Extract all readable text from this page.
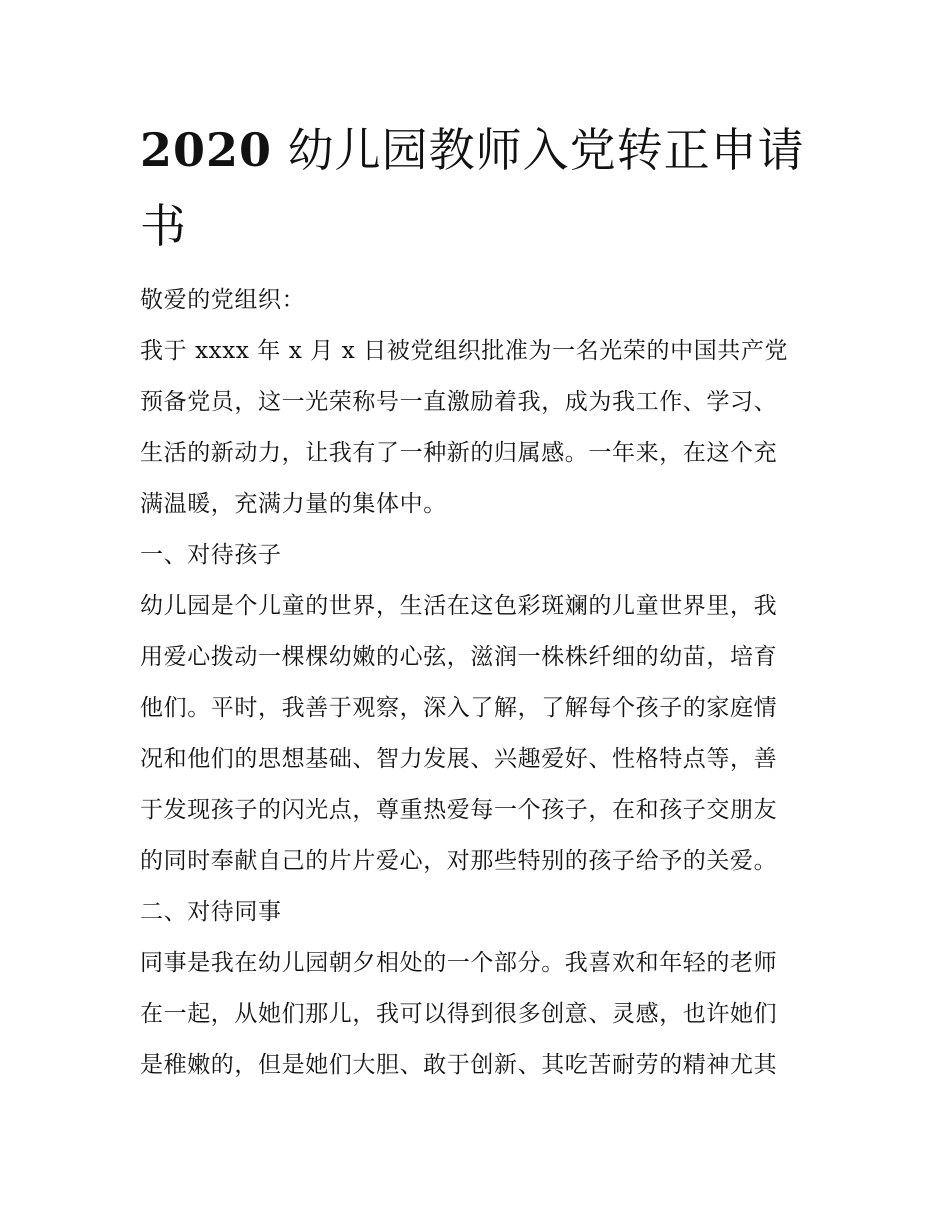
2020 幼儿园教师入党转正申请书
敬爱的党组织：
我于 xxxx 年 x 月 x 日被党组织批准为一名光荣的中国共产党
预备党员，这一光荣称号一直激励着我，成为我工作、学习、
生活的新动力，让我有了一种新的归属感。一年来，在这个充
满温暖，充满力量的集体中。
一、对待孩子
幼儿园是个儿童的世界，生活在这色彩斑斓的儿童世界里，我
用爱心拨动一棵棵幼嫩的心弦，滋润一株株纤细的幼苗，培育
他们。平时，我善于观察，深入了解，了解每个孩子的家庭情
况和他们的思想基础、智力发展、兴趣爱好、性格特点等，善
于发现孩子的闪光点，尊重热爱每一个孩子，在和孩子交朋友
的同时奉献自己的片片爱心，对那些特别的孩子给予的关爱。
二、对待同事
同事是我在幼儿园朝夕相处的一个部分。我喜欢和年轻的老师
在一起，从她们那儿，我可以得到很多创意、灵感，也许她们
是稚嫩的，但是她们大胆、敢于创新、其吃苦耐劳的精神尤其
